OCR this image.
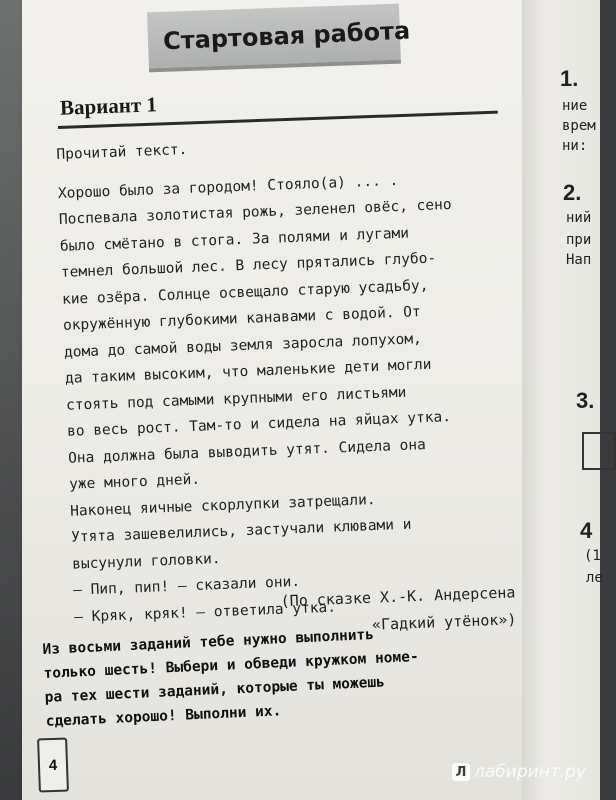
Стартовая работа
Вариант 1
Прочитай текст.
Хорошо было за городом! Стояло(а) ... .
Поспевала золотистая рожь, зеленел овёс, сено
было смётано в стога. За полями и лугами
темнел большой лес. В лесу прятались глубо-
кие озёра. Солнце освещало старую усадьбу,
окружённую глубокими канавами с водой. От
дома до самой воды земля заросла лопухом,
да таким высоким, что маленькие дети могли
стоять под самыми крупными его листьями
во весь рост. Там-то и сидела на яйцах утка.
Она должна была выводить утят. Сидела она
уже много дней.
Наконец яичные скорлупки затрещали.
Утята зашевелились, застучали клювами и
высунули головки.
— Пип, пип! — сказали они.
— Кряк, кряк! — ответила утка.
(По сказке Х.-К. Андерсена
«Гадкий утёнок»)
Из восьми заданий тебе нужно выполнить
только шесть! Выбери и обведи кружком номе-
ра тех шести заданий, которые ты можешь
сделать хорошо! Выполни их.
4
1.
ние
врем
ни:
2.
ний
при
Нап
3.
4
(1
ле
Л лабиринт.ру
